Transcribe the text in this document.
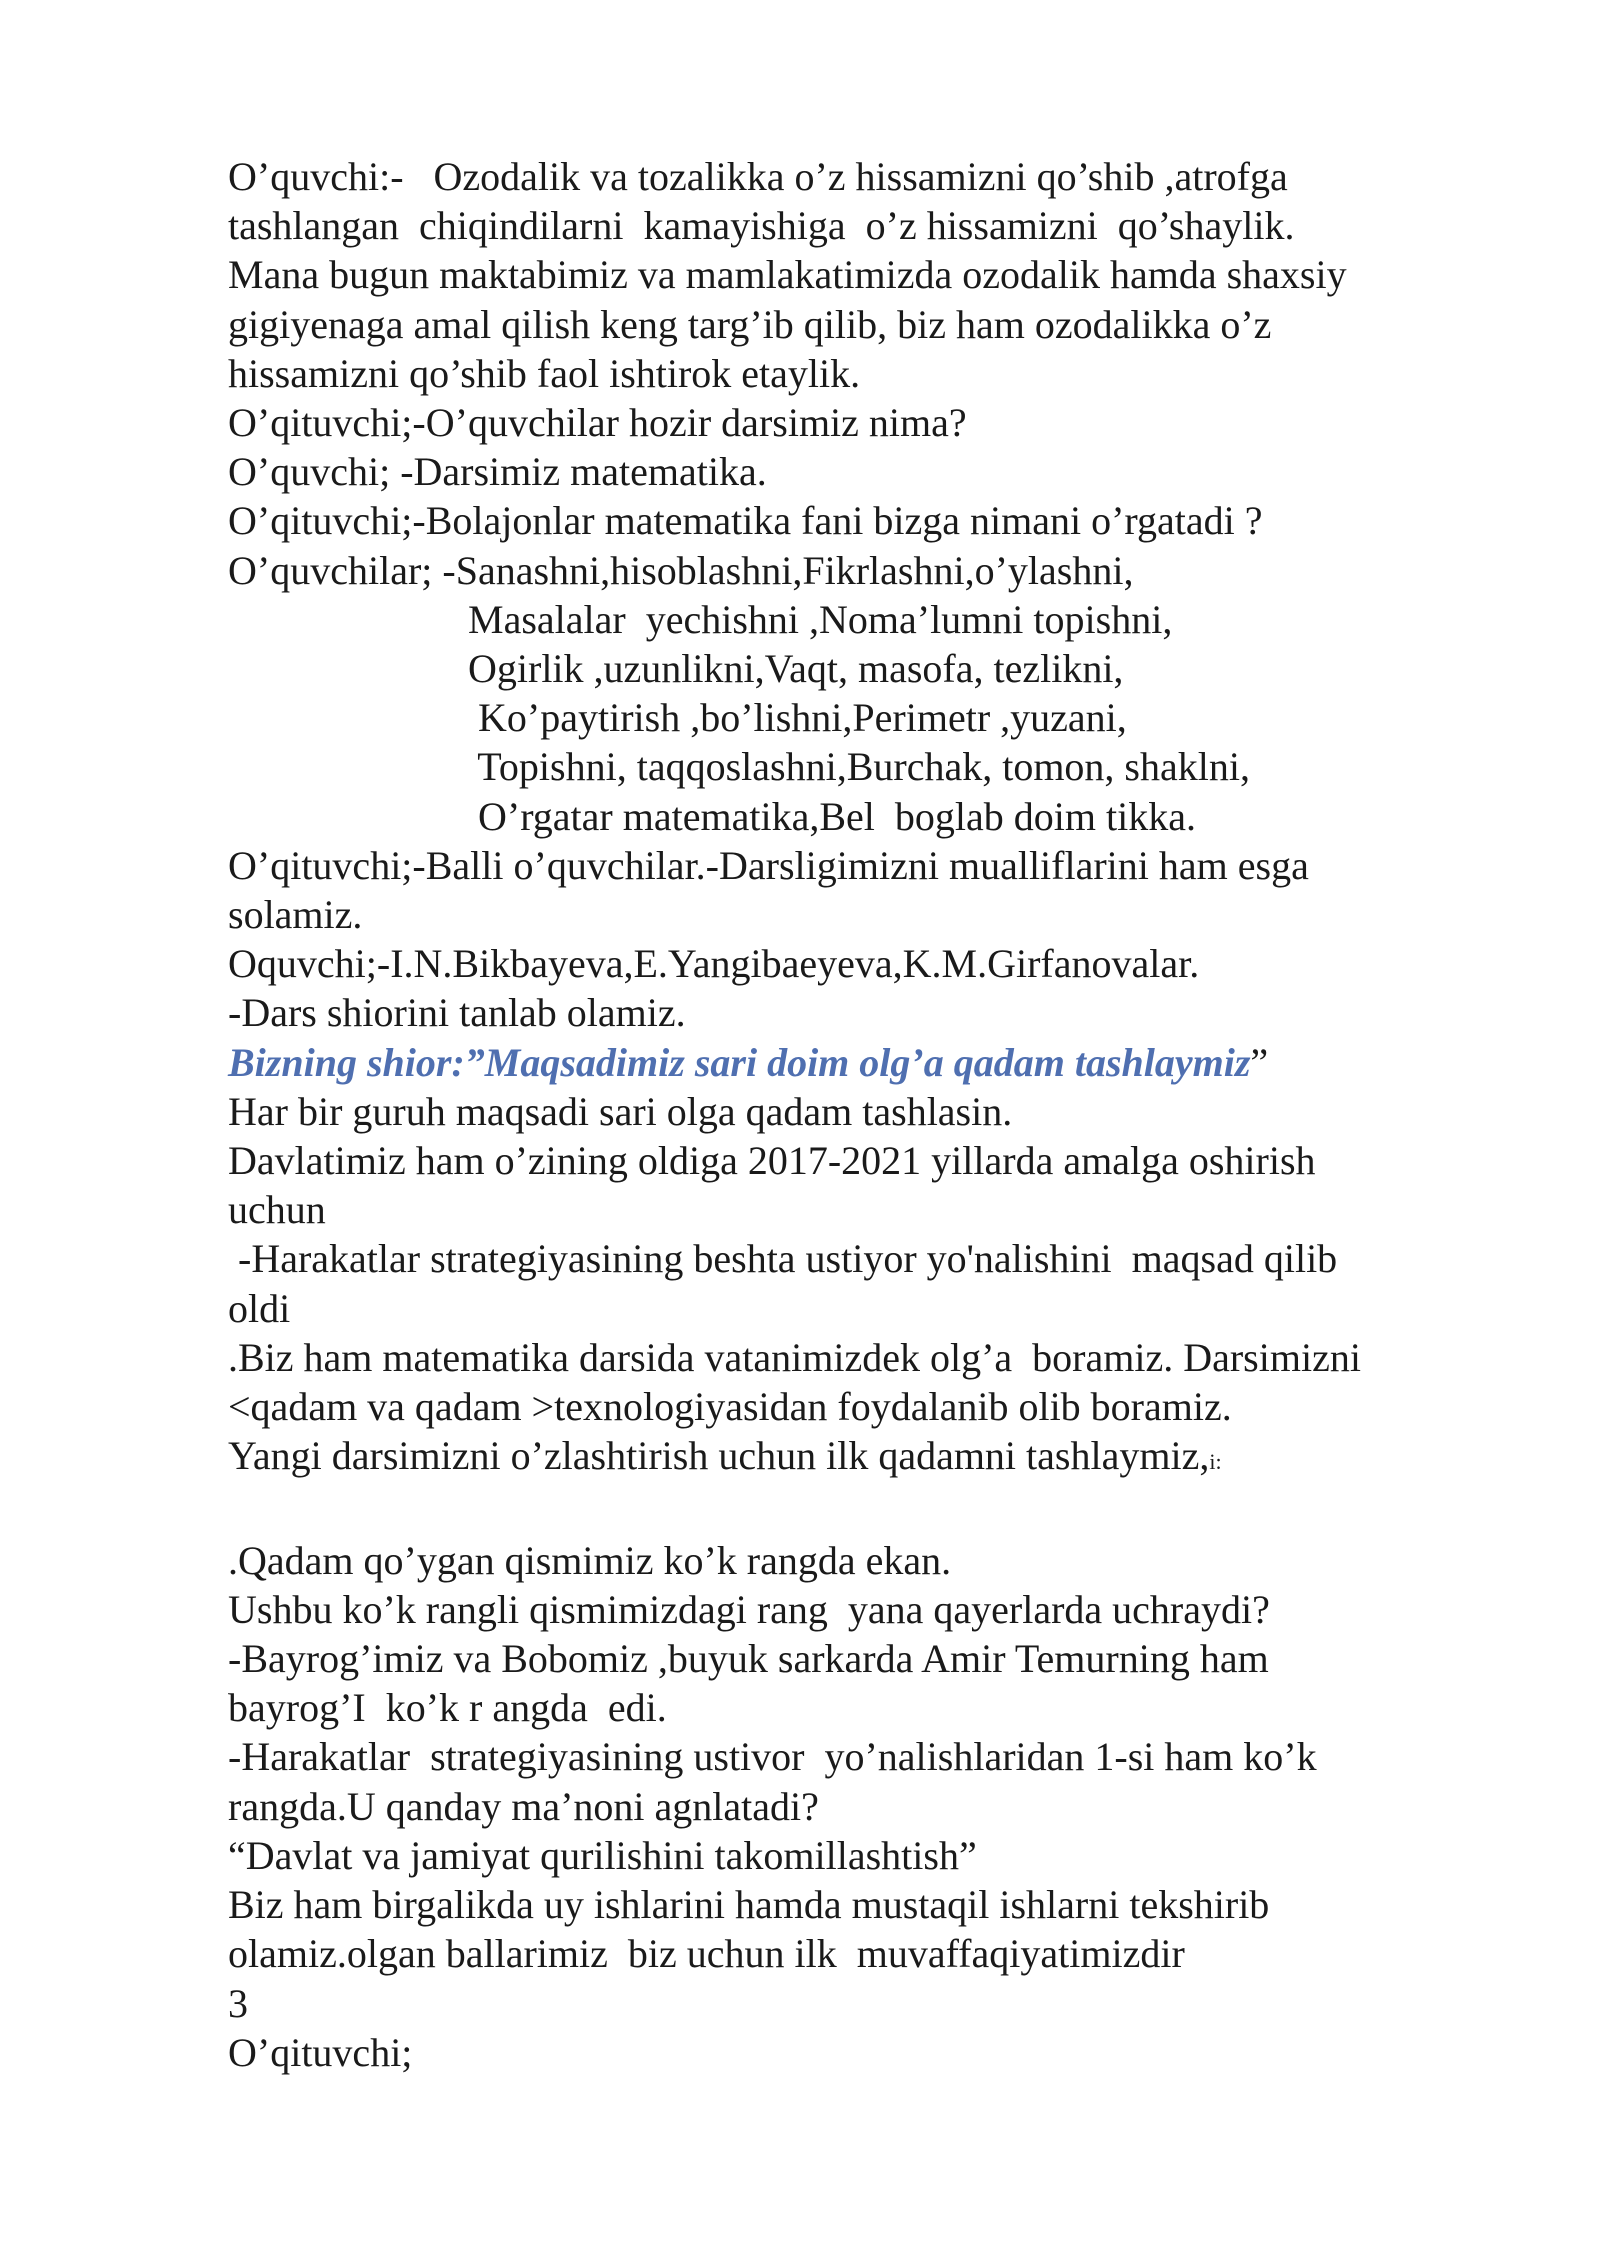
O’quvchi:-   Ozodalik va tozalikka o’z hissamizni qo’shib ,atrofga
tashlangan  chiqindilarni  kamayishiga  o’z hissamizni  qo’shaylik.
Mana bugun maktabimiz va mamlakatimizda ozodalik hamda shaxsiy
gigiyenaga amal qilish keng targ’ib qilib, biz ham ozodalikka o’z
hissamizni qo’shib faol ishtirok etaylik.
O’qituvchi;-O’quvchilar hozir darsimiz nima?
O’quvchi; -Darsimiz matematika.
O’qituvchi;-Bolajonlar matematika fani bizga nimani o’rgatadi ?
O’quvchilar; -Sanashni,hisoblashni,Fikrlashni,o’ylashni,
Masalalar  yechishni ,Noma’lumni topishni,
Ogirlik ,uzunlikni,Vaqt, masofa, tezlikni,
Ko’paytirish ,bo’lishni,Perimetr ,yuzani,
Topishni, taqqoslashni,Burchak, tomon, shaklni,
O’rgatar matematika,Bel  boglab doim tikka.
O’qituvchi;-Balli o’quvchilar.-Darsligimizni mualliflarini ham esga
solamiz.
Oquvchi;-I.N.Bikbayeva,E.Yangibaeyeva,K.M.Girfanovalar.
-Dars shiorini tanlab olamiz.
Bizning shior:”Maqsadimiz sari doim olg’a qadam tashlaymiz”
Har bir guruh maqsadi sari olga qadam tashlasin.
Davlatimiz ham o’zining oldiga 2017-2021 yillarda amalga oshirish
uchun
-Harakatlar strategiyasining beshta ustiyor yo'nalishini  maqsad qilib
oldi
.Biz ham matematika darsida vatanimizdek olg’a  boramiz. Darsimizni
<qadam va qadam >texnologiyasidan foydalanib olib boramiz.
Yangi darsimizni o’zlashtirish uchun ilk qadamni tashlaymiz,i:
.Qadam qo’ygan qismimiz ko’k rangda ekan.
Ushbu ko’k rangli qismimizdagi rang  yana qayerlarda uchraydi?
-Bayrog’imiz va Bobomiz ,buyuk sarkarda Amir Temurning ham
bayrog’I  ko’k r angda  edi.
-Harakatlar  strategiyasining ustivor  yo’nalishlaridan 1-si ham ko’k
rangda.U qanday ma’noni agnlatadi?
“Davlat va jamiyat qurilishini takomillashtish”
Biz ham birgalikda uy ishlarini hamda mustaqil ishlarni tekshirib
olamiz.olgan ballarimiz  biz uchun ilk  muvaffaqiyatimizdir
3
O’qituvchi;
